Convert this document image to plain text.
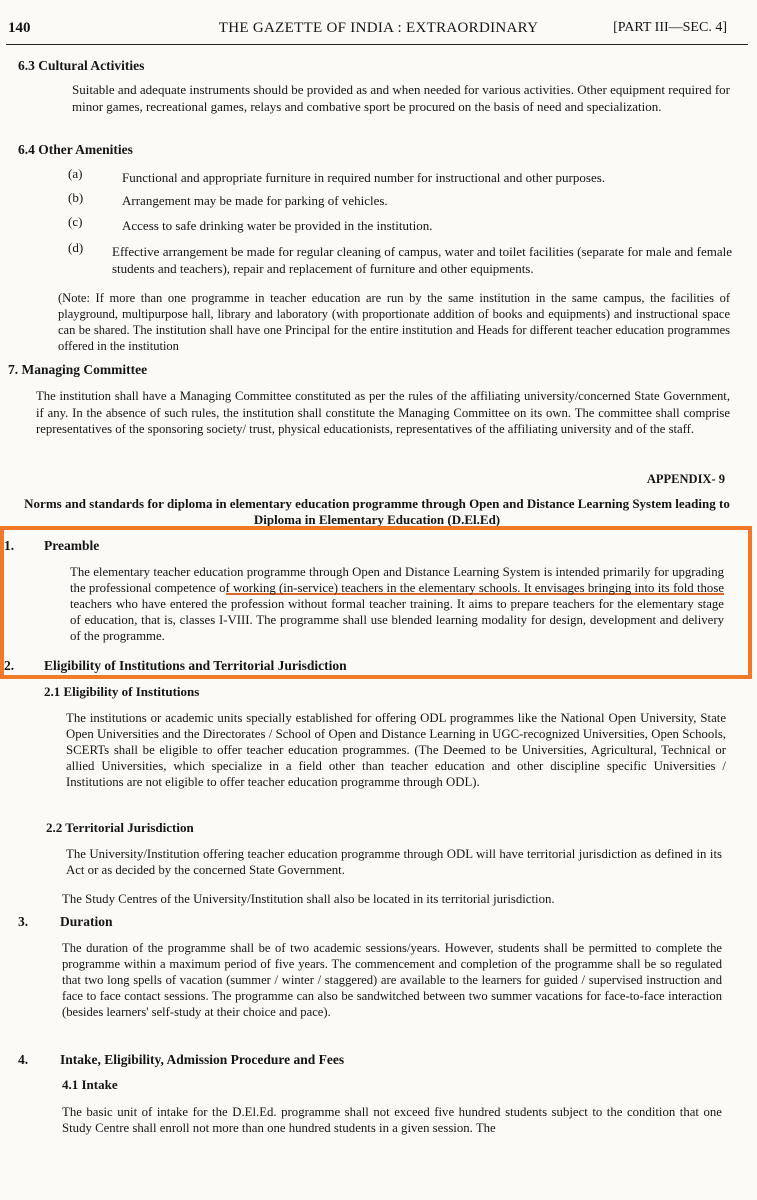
140	THE GAZETTE OF INDIA : EXTRAORDINARY	[PART III—SEC. 4]
6.3 Cultural Activities
Suitable and adequate instruments should be provided as and when needed for various activities. Other equipment required for minor games, recreational games, relays and combative sport be procured on the basis of need and specialization.
6.4 Other Amenities
(a)	Functional and appropriate furniture in required number for instructional and other purposes.
(b)	Arrangement may be made for parking of vehicles.
(c)	Access to safe drinking water be provided in the institution.
(d) Effective arrangement be made for regular cleaning of campus, water and toilet facilities (separate for male and female students and teachers), repair and replacement of furniture and other equipments.
(Note: If more than one programme in teacher education are run by the same institution in the same campus, the facilities of playground, multipurpose hall, library and laboratory (with proportionate addition of books and equipments) and instructional space can be shared. The institution shall have one Principal for the entire institution and Heads for different teacher education programmes offered in the institution
7. Managing Committee
The institution shall have a Managing Committee constituted as per the rules of the affiliating university/concerned State Government, if any. In the absence of such rules, the institution shall constitute the Managing Committee on its own. The committee shall comprise representatives of the sponsoring society/ trust, physical educationists, representatives of the affiliating university and of the staff.
APPENDIX- 9
Norms and standards for diploma in elementary education programme through Open and Distance Learning System leading to Diploma in Elementary Education (D.El.Ed)
1. Preamble
The elementary teacher education programme through Open and Distance Learning System is intended primarily for upgrading the professional competence of working (in-service) teachers in the elementary schools. It envisages bringing into its fold those teachers who have entered the profession without formal teacher training. It aims to prepare teachers for the elementary stage of education, that is, classes I-VIII. The programme shall use blended learning modality for design, development and delivery of the programme.
2. Eligibility of Institutions and Territorial Jurisdiction
2.1 Eligibility of Institutions
The institutions or academic units specially established for offering ODL programmes like the National Open University, State Open Universities and the Directorates / School of Open and Distance Learning in UGC-recognized Universities, Open Schools, SCERTs shall be eligible to offer teacher education programmes. (The Deemed to be Universities, Agricultural, Technical or allied Universities, which specialize in a field other than teacher education and other discipline specific Universities / Institutions are not eligible to offer teacher education programme through ODL).
2.2 Territorial Jurisdiction
The University/Institution offering teacher education programme through ODL will have territorial jurisdiction as defined in its Act or as decided by the concerned State Government.
The Study Centres of the University/Institution shall also be located in its territorial jurisdiction.
3. Duration
The duration of the programme shall be of two academic sessions/years. However, students shall be permitted to complete the programme within a maximum period of five years. The commencement and completion of the programme shall be so regulated that two long spells of vacation (summer / winter / staggered) are available to the learners for guided / supervised instruction and face to face contact sessions. The programme can also be sandwitched between two summer vacations for face-to-face interaction (besides learners' self-study at their choice and pace).
4. Intake, Eligibility, Admission Procedure and Fees
4.1 Intake
The basic unit of intake for the D.El.Ed. programme shall not exceed five hundred students subject to the condition that one Study Centre shall enroll not more than one hundred students in a given session. The
